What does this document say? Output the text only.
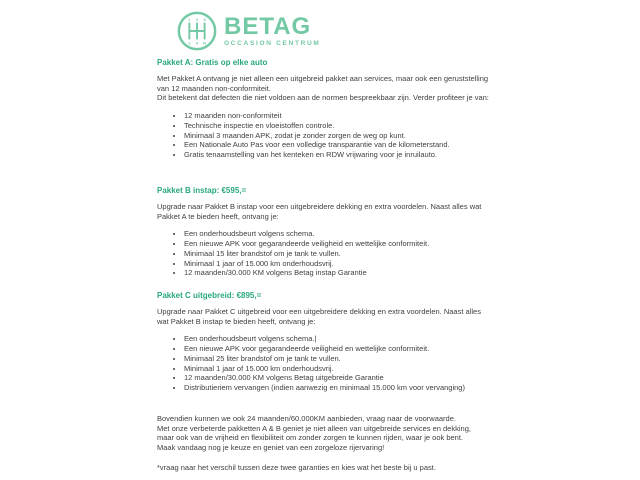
1 3 5
2 4 R
BETAG
OCCASION CENTRUM
Pakket A: Gratis op elke auto

Met Pakket A ontvang je niet alleen een uitgebreid pakket aan services, maar ook een geruststelling van 12 maanden non-conformiteit.

Dit betekent dat defecten die niet voldoen aan de normen bespreekbaar zijn. Verder profiteer je van:

• 12 maanden non-conformiteit
• Technische inspectie en vloeistoffen controle.
• Minimaal 3 maanden APK, zodat je zonder zorgen de weg op kunt.
• Een Nationale Auto Pas voor een volledige transparantie van de kilometerstand.
• Gratis tenaamstelling van het kenteken en RDW vrijwaring voor je inruilauto.
Pakket B instap: €595,=

Upgrade naar Pakket B instap voor een uitgebreidere dekking en extra voordelen. Naast alles wat Pakket A te bieden heeft, ontvang je:

• Een onderhoudsbeurt volgens schema.
• Een nieuwe APK voor gegarandeerde veiligheid en wettelijke conformiteit.
• Minimaal 15 liter brandstof om je tank te vullen.
• Minimaal 1 jaar of 15.000 km onderhoudsvrij.
• 12 maanden/30.000 KM volgens Betag instap Garantie
Pakket C uitgebreid: €895,=

Upgrade naar Pakket C uitgebreid voor een uitgebreidere dekking en extra voordelen. Naast alles wat Pakket B instap te bieden heeft, ontvang je:

• Een onderhoudsbeurt volgens schema.|
• Een nieuwe APK voor gegarandeerde veiligheid en wettelijke conformiteit.
• Minimaal 25 liter brandstof om je tank te vullen.
• Minimaal 1 jaar of 15.000 km onderhoudsvrij.
• 12 maanden/30.000 KM volgens Betag uitgebreide Garantie
• Distributieriem vervangen (indien aanwezig en minimaal 15.000 km voor vervanging)

Bovendien kunnen we ook 24 maanden/60.000KM aanbieden, vraag naar de voorwaarde.

Met onze verbeterde pakketten A & B geniet je niet alleen van uitgebreide services en dekking, maar ook van de vrijheid en flexibiliteit om zonder zorgen te kunnen rijden, waar je ook bent.

Maak vandaag nog je keuze en geniet van een zorgeloze rijervaring!

*vraag naar het verschil tussen deze twee garanties en kies wat het beste bij u past.
